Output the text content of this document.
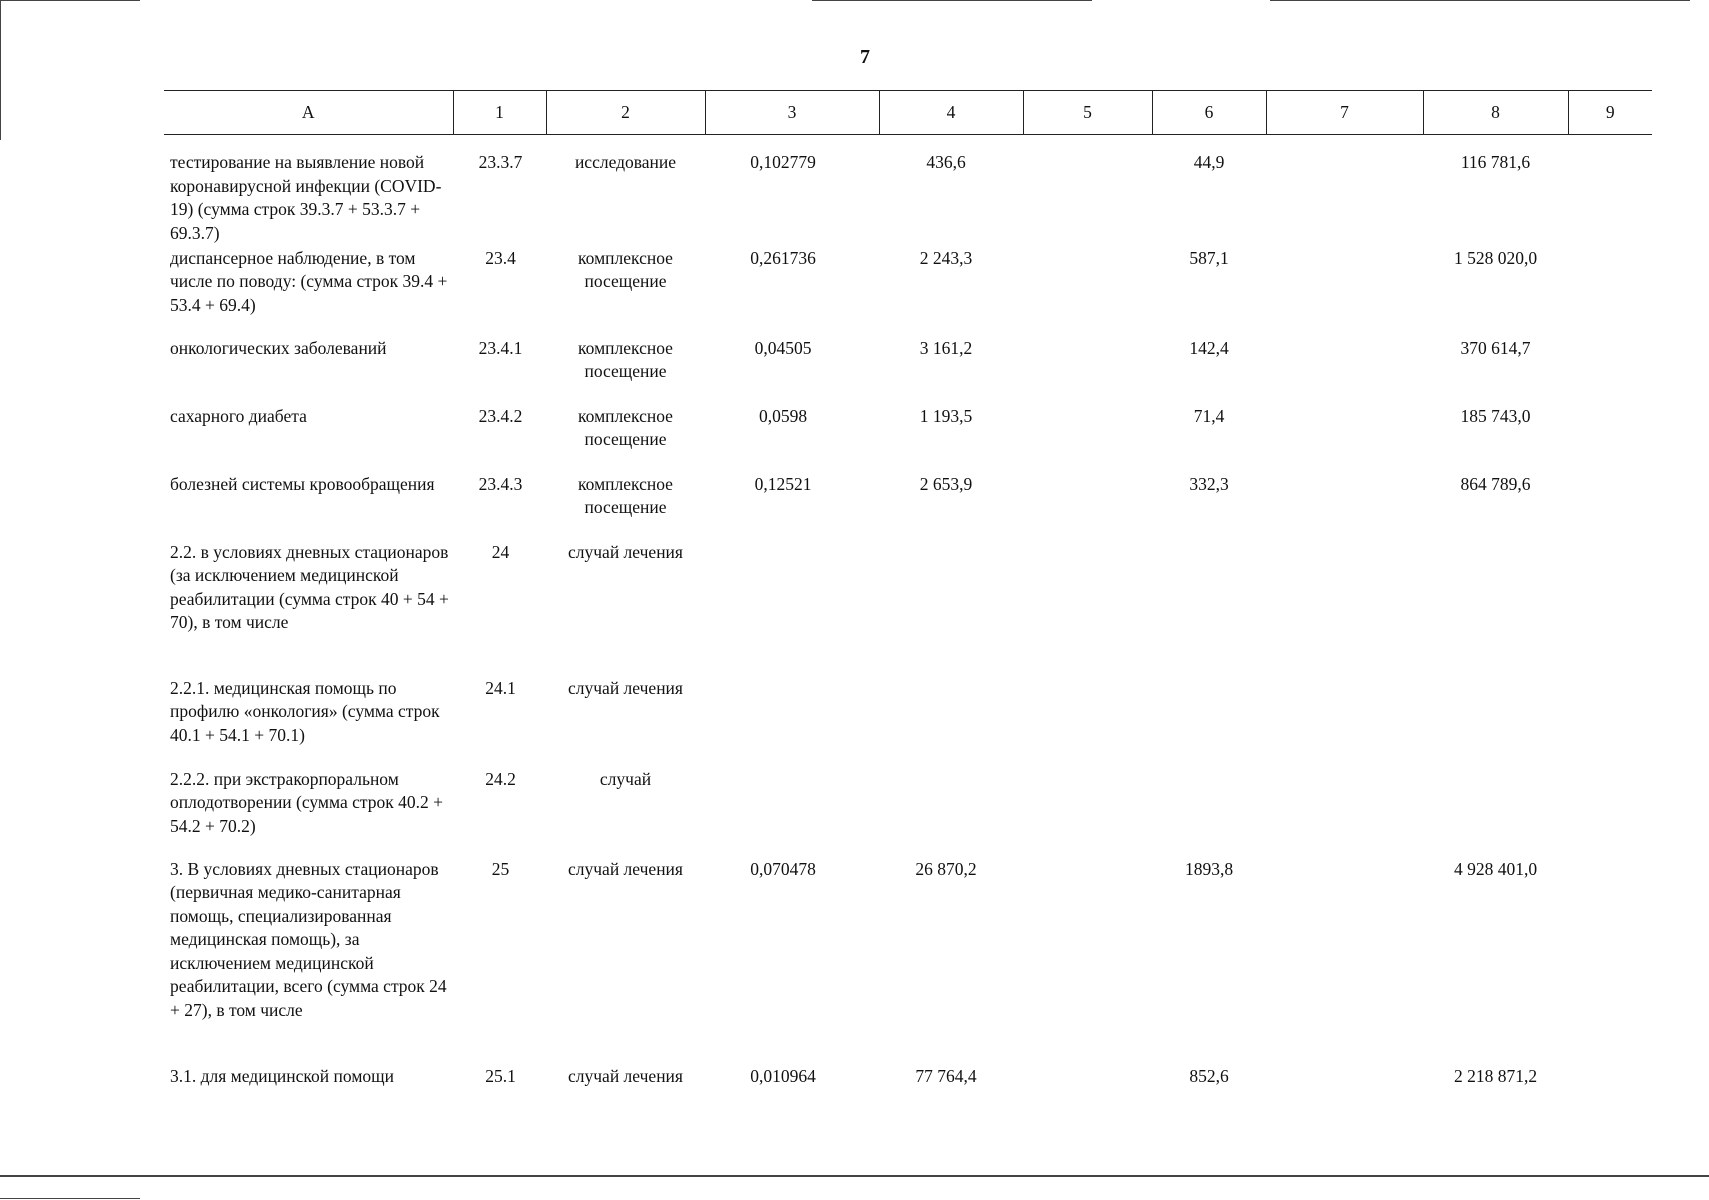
7
А	1	2	3	4	5	6	7	8	9
тестирование на выявление новой коронавирусной инфекции (COVID-19) (сумма строк 39.3.7 + 53.3.7 + 69.3.7)	23.3.7	исследование	0,102779	436,6		44,9		116 781,6	
диспансерное наблюдение, в том числе по поводу: (сумма строк 39.4 + 53.4 + 69.4)	23.4	комплексное посещение	0,261736	2 243,3		587,1		1 528 020,0	
онкологических заболеваний	23.4.1	комплексное посещение	0,04505	3 161,2		142,4		370 614,7	
сахарного диабета	23.4.2	комплексное посещение	0,0598	1 193,5		71,4		185 743,0	
болезней системы кровообращения	23.4.3	комплексное посещение	0,12521	2 653,9		332,3		864 789,6	
2.2. в условиях дневных стационаров (за исключением медицинской реабилитации (сумма строк 40 + 54 + 70), в том числе	24	случай лечения							
2.2.1. медицинская помощь по профилю «онкология» (сумма строк 40.1 + 54.1 + 70.1)	24.1	случай лечения							
2.2.2. при экстракорпоральном оплодотворении (сумма строк 40.2 + 54.2 + 70.2)	24.2	случай							
3. В условиях дневных стационаров (первичная медико-санитарная помощь, специализированная медицинская помощь), за исключением медицинской реабилитации, всего (сумма строк 24 + 27), в том числе	25	случай лечения	0,070478	26 870,2		1893,8		4 928 401,0	
3.1. для медицинской помощи	25.1	случай лечения	0,010964	77 764,4		852,6		2 218 871,2	
